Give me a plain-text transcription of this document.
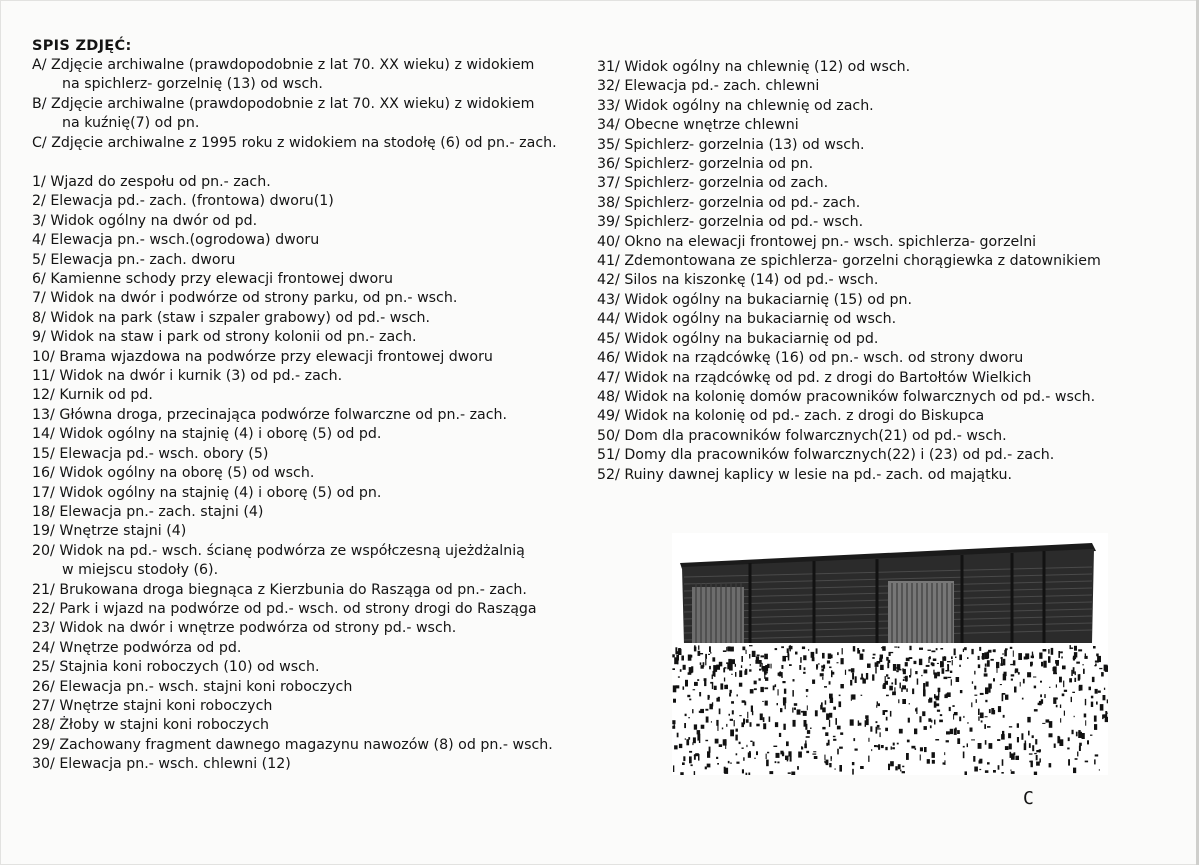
SPIS ZDJĘĆ:
A/ Zdjęcie archiwalne (prawdopodobnie z lat 70. XX wieku) z widokiem
na spichlerz- gorzelnię (13) od wsch.
B/ Zdjęcie archiwalne (prawdopodobnie z lat 70. XX wieku) z widokiem
na kuźnię(7) od pn.
C/ Zdjęcie archiwalne z 1995 roku z widokiem na stodołę (6) od pn.- zach.
1/ Wjazd do zespołu od pn.- zach.
2/ Elewacja pd.- zach. (frontowa) dworu(1)
3/ Widok ogólny na dwór od pd.
4/ Elewacja pn.- wsch.(ogrodowa) dworu
5/ Elewacja pn.- zach. dworu
6/ Kamienne schody przy elewacji frontowej dworu
7/ Widok na dwór i podwórze od strony parku, od pn.- wsch.
8/ Widok na park (staw i szpaler grabowy) od pd.- wsch.
9/ Widok na staw i park od strony kolonii od pn.- zach.
10/ Brama wjazdowa na podwórze przy elewacji frontowej dworu
11/ Widok na dwór i kurnik (3) od pd.- zach.
12/ Kurnik od pd.
13/ Główna droga, przecinająca podwórze folwarczne od pn.- zach.
14/ Widok ogólny na stajnię (4) i oborę (5) od pd.
15/ Elewacja pd.- wsch. obory (5)
16/ Widok ogólny na oborę (5) od wsch.
17/ Widok ogólny na stajnię (4) i oborę (5) od pn.
18/ Elewacja pn.- zach. stajni (4)
19/ Wnętrze stajni (4)
20/ Widok na pd.- wsch. ścianę podwórza ze współczesną ujeżdżalnią
w miejscu stodoły (6).
21/ Brukowana droga biegnąca z Kierzbunia do Rasząga od pn.- zach.
22/ Park i wjazd na podwórze od pd.- wsch. od strony drogi do Rasząga
23/ Widok na dwór i wnętrze podwórza od strony pd.- wsch.
24/ Wnętrze podwórza od pd.
25/ Stajnia koni roboczych (10) od wsch.
26/ Elewacja pn.- wsch. stajni koni roboczych
27/ Wnętrze stajni koni roboczych
28/ Żłoby w stajni koni roboczych
29/ Zachowany fragment dawnego magazynu nawozów (8) od pn.- wsch.
30/ Elewacja pn.- wsch. chlewni (12)
31/ Widok ogólny na chlewnię (12) od wsch.
32/ Elewacja pd.- zach. chlewni
33/ Widok ogólny na chlewnię od zach.
34/ Obecne wnętrze chlewni
35/ Spichlerz- gorzelnia (13) od wsch.
36/ Spichlerz- gorzelnia od pn.
37/ Spichlerz- gorzelnia od zach.
38/ Spichlerz- gorzelnia od pd.- zach.
39/ Spichlerz- gorzelnia od pd.- wsch.
40/ Okno na elewacji frontowej pn.- wsch. spichlerza- gorzelni
41/ Zdemontowana ze spichlerza- gorzelni chorągiewka z datownikiem
42/ Silos na kiszonkę (14) od pd.- wsch.
43/ Widok ogólny na bukaciarnię (15) od pn.
44/ Widok ogólny na bukaciarnię od wsch.
45/ Widok ogólny na bukaciarnię od pd.
46/ Widok na rządcówkę (16) od pn.- wsch. od strony dworu
47/ Widok na rządcówkę od pd. z drogi do Bartołtów Wielkich
48/ Widok na kolonię domów pracowników folwarcznych od pd.- wsch.
49/ Widok na kolonię od pd.- zach. z drogi do Biskupca
50/ Dom dla pracowników folwarcznych(21) od pd.- wsch.
51/ Domy dla pracowników folwarcznych(22) i (23) od pd.- zach.
52/ Ruiny dawnej kaplicy w lesie na pd.- zach. od majątku.
C
